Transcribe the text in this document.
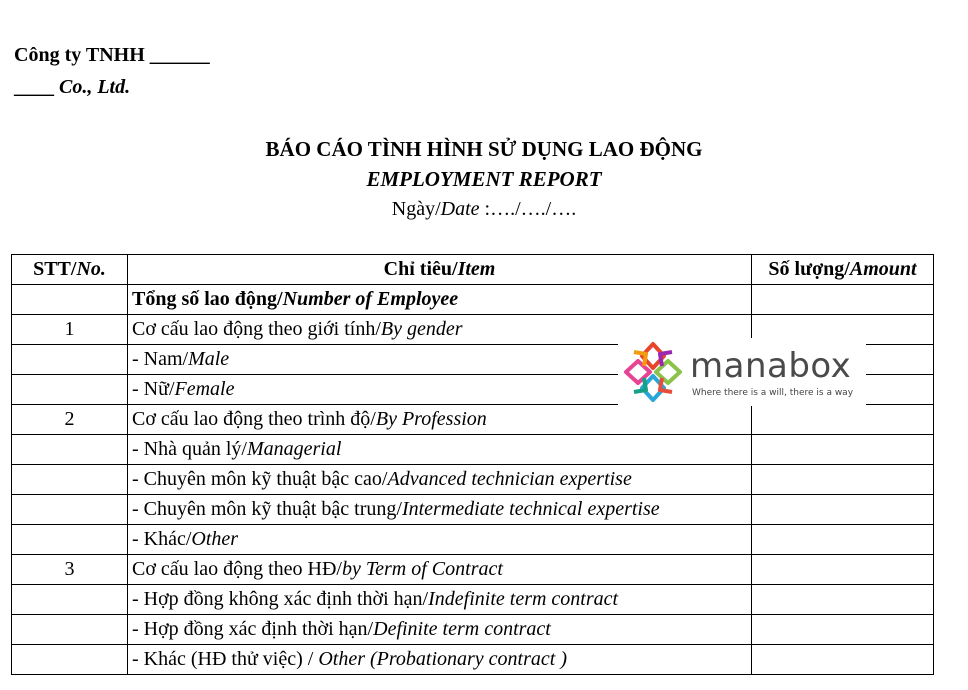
Công ty TNHH ______
____ Co., Ltd.
BÁO CÁO TÌNH HÌNH SỬ DỤNG LAO ĐỘNG
EMPLOYMENT REPORT
Ngày/Date :…./…./….
STT/No.	Chỉ tiêu/Item	Số lượng/Amount
	Tổng số lao động/Number of Employee	
1	Cơ cấu lao động theo giới tính/By gender	
	- Nam/Male	
	- Nữ/Female	
2	Cơ cấu lao động theo trình độ/By Profession	
	- Nhà quản lý/Managerial	
	- Chuyên môn kỹ thuật bậc cao/Advanced technician expertise	
	- Chuyên môn kỹ thuật bậc trung/Intermediate technical expertise	
	- Khác/Other	
3	Cơ cấu lao động theo HĐ/by Term of Contract	
	- Hợp đồng không xác định thời hạn/Indefinite term contract	
	- Hợp đồng xác định thời hạn/Definite term contract	
	- Khác (HĐ thử việc) / Other (Probationary contract )	
manabox
Where there is a will, there is a way
